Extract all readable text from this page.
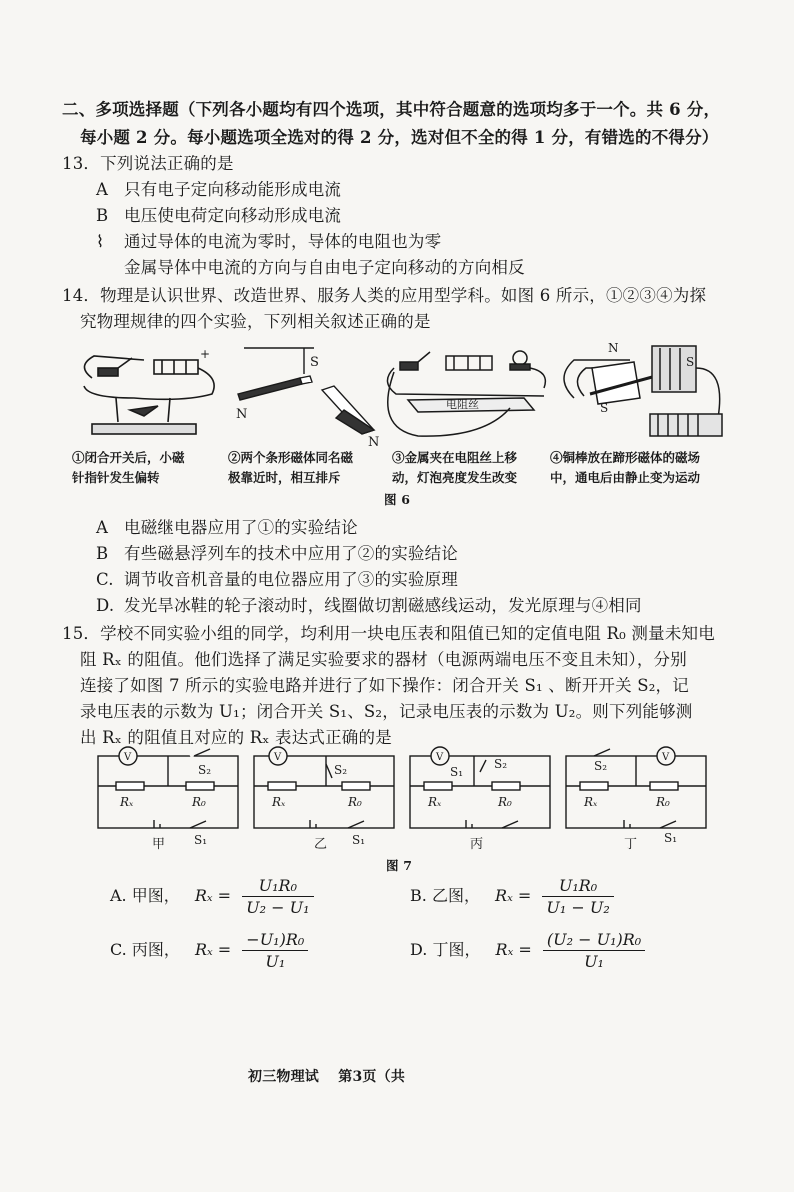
二、多项选择题（下列各小题均有四个选项，其中符合题意的选项均多于一个。共 6 分，
每小题 2 分。每小题选项全选对的得 2 分，选对但不全的得 1 分，有错选的不得分）
13．下列说法正确的是
A 只有电子定向移动能形成电流
B 电压使电荷定向移动形成电流
⌇ 通过导体的电流为零时，导体的电阻也为零
金属导体中电流的方向与自由电子定向移动的方向相反
14．物理是认识世界、改造世界、服务人类的应用型学科。如图 6 所示，①②③④为探
究物理规律的四个实验，下列相关叙述正确的是
+
N
S
N
电阻丝
N
S
S
①闭合开关后，小磁
针指针发生偏转
②两个条形磁体同名磁
极靠近时，相互排斥
③金属夹在电阻丝上移
动，灯泡亮度发生改变
④铜棒放在蹄形磁体的磁场
中，通电后由静止变为运动
图 6
A 电磁继电器应用了①的实验结论
B 有些磁悬浮列车的技术中应用了②的实验结论
C. 调节收音机音量的电位器应用了③的实验原理
D. 发光旱冰鞋的轮子滚动时，线圈做切割磁感线运动，发光原理与④相同
15．学校不同实验小组的同学，均利用一块电压表和阻值已知的定值电阻 R₀ 测量未知电
阻 Rₓ 的阻值。他们选择了满足实验要求的器材（电源两端电压不变且未知），分别
连接了如图 7 所示的实验电路并进行了如下操作：闭合开关 S₁ 、断开开关 S₂，记
录电压表的示数为 U₁；闭合开关 S₁、S₂，记录电压表的示数为 U₂。则下列能够测
出 Rₓ 的阻值且对应的 Rₓ 表达式正确的是
V
S₂
Rₓ	R₀
S₁
甲
V
S₂
Rₓ	R₀
S₁
乙
V
S₁
S₂
Rₓ	R₀
丙
V
S₂
Rₓ	R₀
S₁
丁
图 7
A. 甲图， $R_x = \frac{\text{U₁R₀}}{\text{U₂ − U₁}}$	B. 乙图， $R_x = \frac{\text{U₁R₀}}{\text{U₁ − U₂}}$
C. 丙图， $R_x = \frac{\text{−U₁)R₀}}{\text{U₁}}$	D. 丁图， $R_x = \frac{\text{(U₂ − U₁)R₀}}{\text{U₁}}$
初三物理试　 第3页（共
